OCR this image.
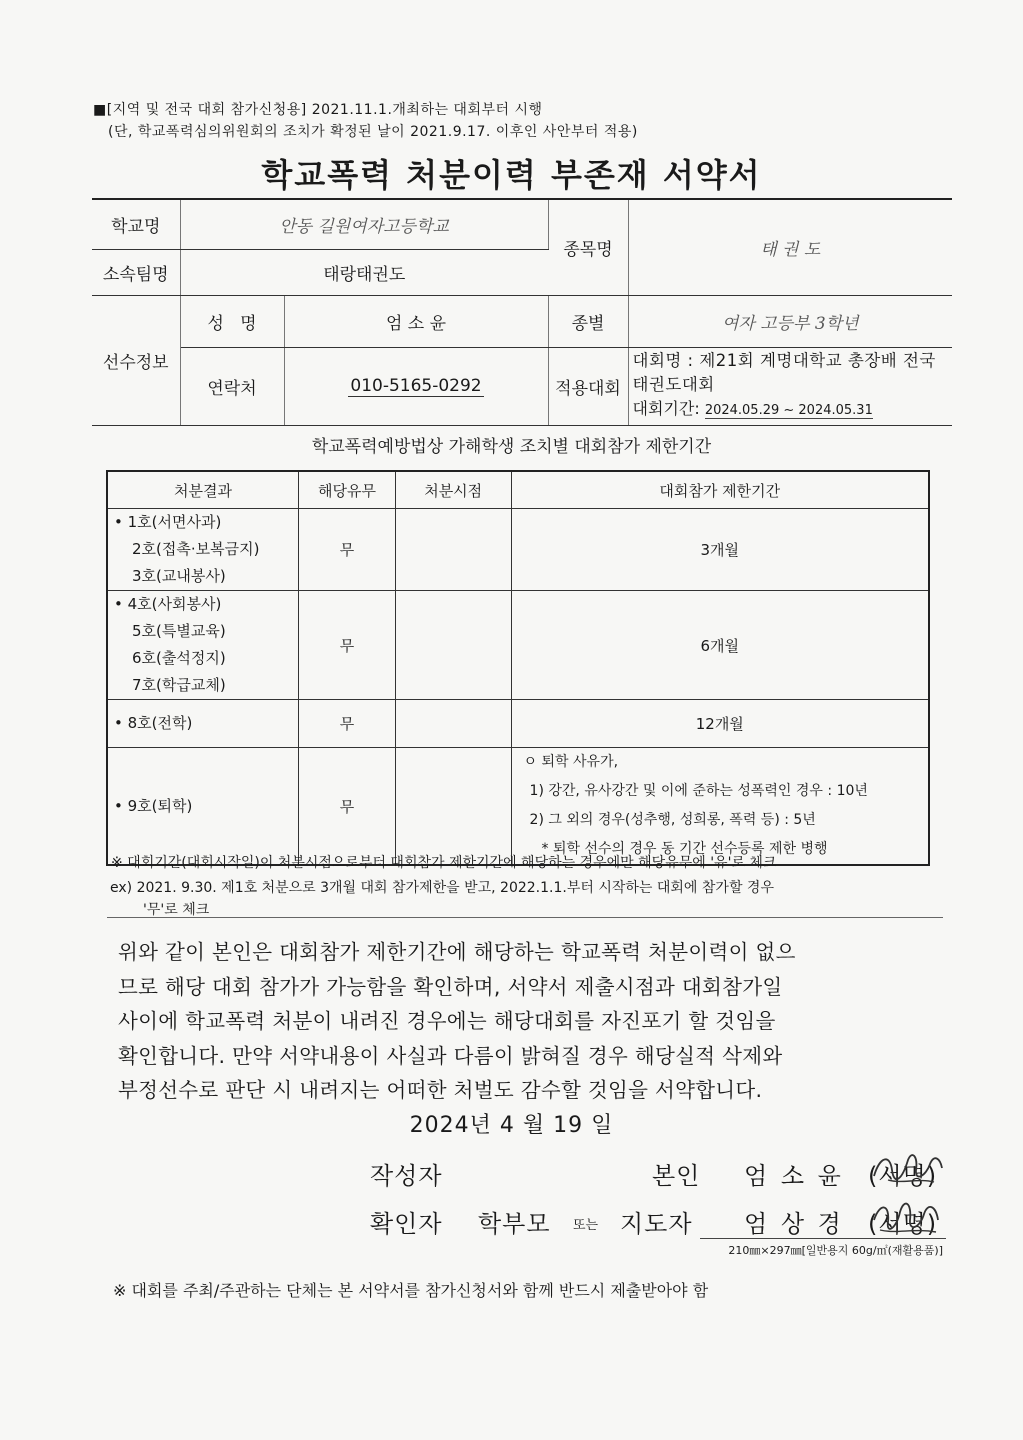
■[지역 및 전국 대회 참가신청용] 2021.11.1.개최하는 대회부터 시행
(단, 학교폭력심의위원회의 조치가 확정된 날이 2021.9.17. 이후인 사안부터 적용)
학교폭력 처분이력 부존재 서약서
학교명	안동 길원여자고등학교		종목명	태 권 도
소속팀명	태랑태권도			
선수정보	성   명	엄 소 윤	종별	여자 고등부 3학년
	연락처	010-5165-0292	적용대회	대회명 : 제21회 계명대학교 총장배 전국태권도대회
대회기간: 2024.05.29 ~ 2024.05.31
학교폭력예방법상 가해학생 조치별 대회참가 제한기간
처분결과	해당유무	처분시점	대회참가 제한기간

• 1호(서면사과)
2호(접촉·보복금지)
3호(교내봉사)	무		3개월

• 4호(사회봉사)
5호(특별교육)
6호(출석정지)
7호(학급교체)	무		6개월

• 8호(전학)	무		12개월

• 9호(퇴학)	무		ㅇ 퇴학 사유가,
1) 강간, 유사강간 및 이에 준하는 성폭력인 경우 : 10년
2) 그 외의 경우(성추행, 성희롱, 폭력 등) : 5년
* 퇴학 선수의 경우 동 기간 선수등록 제한 병행
※ 대회기간(대회시작일)이 처분시점으로부터 대회참가 제한기간에 해당하는 경우에만 해당유무에 '유'로 체크
ex) 2021. 9.30. 제1호 처분으로 3개월 대회 참가제한을 받고, 2022.1.1.부터 시작하는 대회에 참가할 경우
'무'로 체크
위와 같이 본인은 대회참가 제한기간에 해당하는 학교폭력 처분이력이 없으
므로 해당 대회 참가가 가능함을 확인하며, 서약서 제출시점과 대회참가일
사이에 학교폭력 처분이 내려진 경우에는 해당대회를 자진포기 할 것임을
확인합니다. 만약 서약내용이 사실과 다름이 밝혀질 경우 해당실적 삭제와
부정선수로 판단 시 내려지는 어떠한 처벌도 감수할 것임을 서약합니다.
2024년 4 월 19 일
작성자	본인 엄 소 윤 (서명)
확인자 학부모 또는 지도자 엄 상 경 (서명)
210㎜×297㎜[일반용지 60g/㎡(재활용품)]
※ 대회를 주최/주관하는 단체는 본 서약서를 참가신청서와 함께 반드시 제출받아야 함
